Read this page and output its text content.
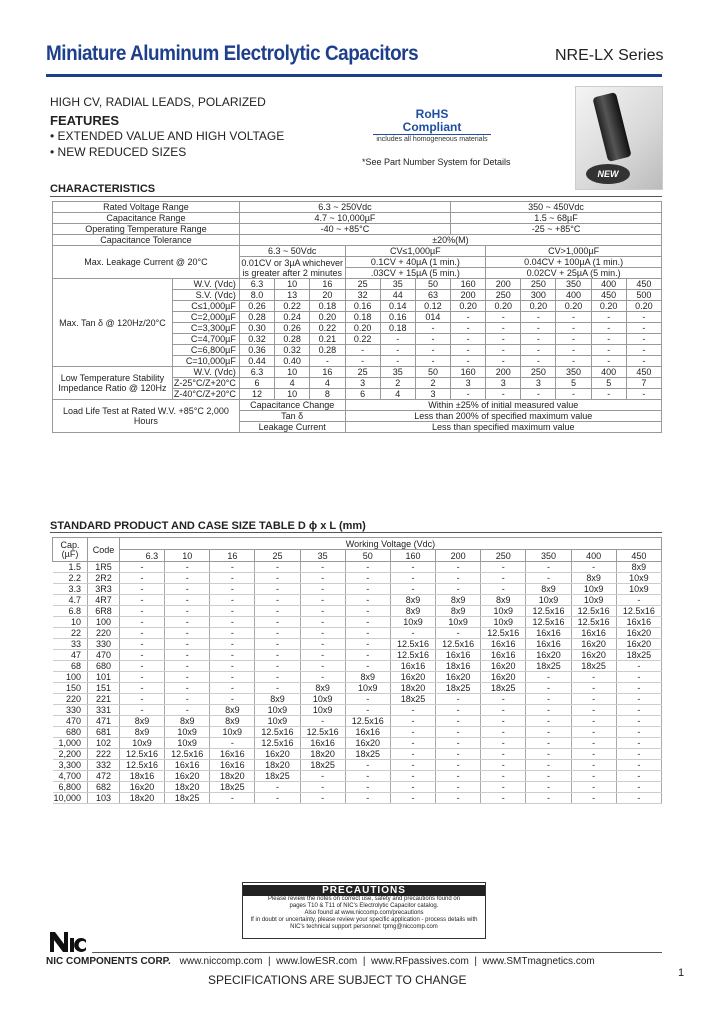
Miniature Aluminum Electrolytic Capacitors	NRE-LX Series
HIGH CV, RADIAL LEADS, POLARIZED
FEATURES
• EXTENDED VALUE AND HIGH VOLTAGE
• NEW REDUCED SIZES
RoHS
Compliant
includes all homogeneous materials
*See Part Number System for Details
NEW
CHARACTERISTICS
Rated Voltage Range		6.3 ~ 250Vdc						350 ~ 450Vdc					
Capacitance Range		4.7 ~ 10,000µF						1.5 ~ 68µF					
Operating Temperature Range		-40 ~ +85°C						-25 ~ +85°C					
Capacitance Tolerance		±20%(M)											
Max. Leakage Current @ 20°C		6.3 ~ 50Vdc			CV≤1,000µF				CV>1,000µF				
		0.01CV or 3µA whichever is greater after 2 minutes			0.1CV + 40µA (1 min.)				0.04CV + 100µA (1 min.)				
					.03CV + 15µA (5 min.)				0.02CV + 25µA (5 min.)				
Max. Tan δ @ 120Hz/20°C	W.V. (Vdc)	6.3	10	16	25	35	50	160	200	250	350	400	450
	S.V. (Vdc)	8.0	13	20	32	44	63	200	250	300	400	450	500
	C≤1,000µF	0.26	0.22	0.18	0.16	0.14	0.12	0.20	0.20	0.20	0.20	0.20	0.20
	C=2,000µF	0.28	0.24	0.20	0.18	0.16	014	-	-	-	-	-	-
	C=3,300µF	0.30	0.26	0.22	0.20	0.18	-	-	-	-	-	-	-
	C=4,700µF	0.32	0.28	0.21	0.22	-	-	-	-	-	-	-	-
	C=6,800µF	0.36	0.32	0.28	-	-	-	-	-	-	-	-	-
	C=10,000µF	0.44	0.40	-	-	-	-	-	-	-	-	-	-
Low Temperature Stability Impedance Ratio @ 120Hz	W.V. (Vdc)	6.3	10	16	25	35	50	160	200	250	350	400	450
	Z-25°C/Z+20°C	6	4	4	3	2	2	3	3	3	5	5	7
	Z-40°C/Z+20°C	12	10	8	6	4	3	-	-	-	-	-	-
Load Life Test at Rated W.V. +85°C 2,000 Hours		Capacitance Change			Within ±25% of initial measured value								
		Tan δ			Less than 200% of specified maximum value								
		Leakage Current			Less than specified maximum value								
STANDARD PRODUCT AND CASE SIZE TABLE D ϕ x L (mm)
Cap. (µF)	Code	Working Voltage (Vdc)											
		6.3	10	16	25	35	50	160	200	250	350	400	450
1.5	1R5	-	-	-	-	-	-	-	-	-	-	-	8x9
2.2	2R2	-	-	-	-	-	-	-	-	-	-	8x9	10x9
3.3	3R3	-	-	-	-	-	-	-	-	-	8x9	10x9	10x9
4.7	4R7	-	-	-	-	-	-	8x9	8x9	8x9	10x9	10x9	-
6.8	6R8	-	-	-	-	-	-	8x9	8x9	10x9	12.5x16	12.5x16	12.5x16
10	100	-	-	-	-	-	-	10x9	10x9	10x9	12.5x16	12.5x16	16x16
22	220	-	-	-	-	-	-	-	-	12.5x16	16x16	16x16	16x20
33	330	-	-	-	-	-	-	12.5x16	12.5x16	16x16	16x16	16x20	16x20
47	470	-	-	-	-	-	-	12.5x16	16x16	16x16	16x20	16x20	18x25
68	680	-	-	-	-	-	-	16x16	18x16	16x20	18x25	18x25	-
100	101	-	-	-	-	-	8x9	16x20	16x20	16x20	-	-	-
150	151	-	-	-	-	8x9	10x9	18x20	18x25	18x25	-	-	-
220	221	-	-	-	8x9	10x9	-	18x25	-	-	-	-	-
330	331	-	-	8x9	10x9	10x9	-	-	-	-	-	-	-
470	471	8x9	8x9	8x9	10x9	-	12.5x16	-	-	-	-	-	-
680	681	8x9	10x9	10x9	12.5x16	12.5x16	16x16	-	-	-	-	-	-
1,000	102	10x9	10x9	-	12.5x16	16x16	16x20	-	-	-	-	-	-
2,200	222	12.5x16	12.5x16	16x16	16x20	18x20	18x25	-	-	-	-	-	-
3,300	332	12.5x16	16x16	16x16	18x20	18x25	-	-	-	-	-	-	-
4,700	472	18x16	16x20	18x20	18x25	-	-	-	-	-	-	-	-
6,800	682	16x20	18x20	18x25	-	-	-	-	-	-	-	-	-
10,000	103	18x20	18x25	-	-	-	-	-	-	-	-	-	-
PRECAUTIONS
Please review the notes on correct use, safety and precautions found on
pages T10 & T11 of NIC's Electrolytic Capacitor catalog.
Also found at www.niccomp.com/precautions
If in doubt or uncertainty, please review your specific application - process details with
NIC's technical support personnel: tpmg@niccomp.com
NIC COMPONENTS CORP. www.niccomp.com  |  www.lowESR.com  |  www.RFpassives.com  |  www.SMTmagnetics.com
SPECIFICATIONS ARE SUBJECT TO CHANGE	1
